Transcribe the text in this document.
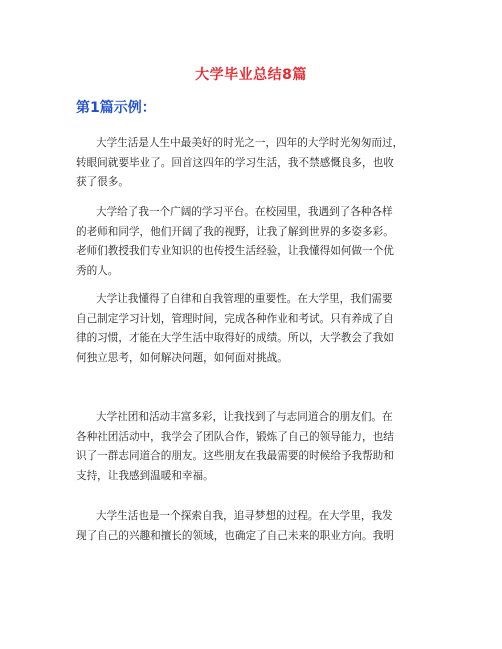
大学毕业总结8篇
第1篇示例：
大学生活是人生中最美好的时光之一，四年的大学时光匆匆而过，
转眼间就要毕业了。回首这四年的学习生活，我不禁感慨良多，也收
获了很多。
大学给了我一个广阔的学习平台。在校园里，我遇到了各种各样
的老师和同学，他们开阔了我的视野，让我了解到世界的多姿多彩。
老师们教授我们专业知识的也传授生活经验，让我懂得如何做一个优
秀的人。
大学让我懂得了自律和自我管理的重要性。在大学里，我们需要
自己制定学习计划，管理时间，完成各种作业和考试。只有养成了自
律的习惯，才能在大学生活中取得好的成绩。所以，大学教会了我如
何独立思考，如何解决问题，如何面对挑战。
大学社团和活动丰富多彩，让我找到了与志同道合的朋友们。在
各种社团活动中，我学会了团队合作，锻炼了自己的领导能力，也结
识了一群志同道合的朋友。这些朋友在我最需要的时候给予我帮助和
支持，让我感到温暖和幸福。
大学生活也是一个探索自我，追寻梦想的过程。在大学里，我发
现了自己的兴趣和擅长的领域，也确定了自己未来的职业方向。我明
